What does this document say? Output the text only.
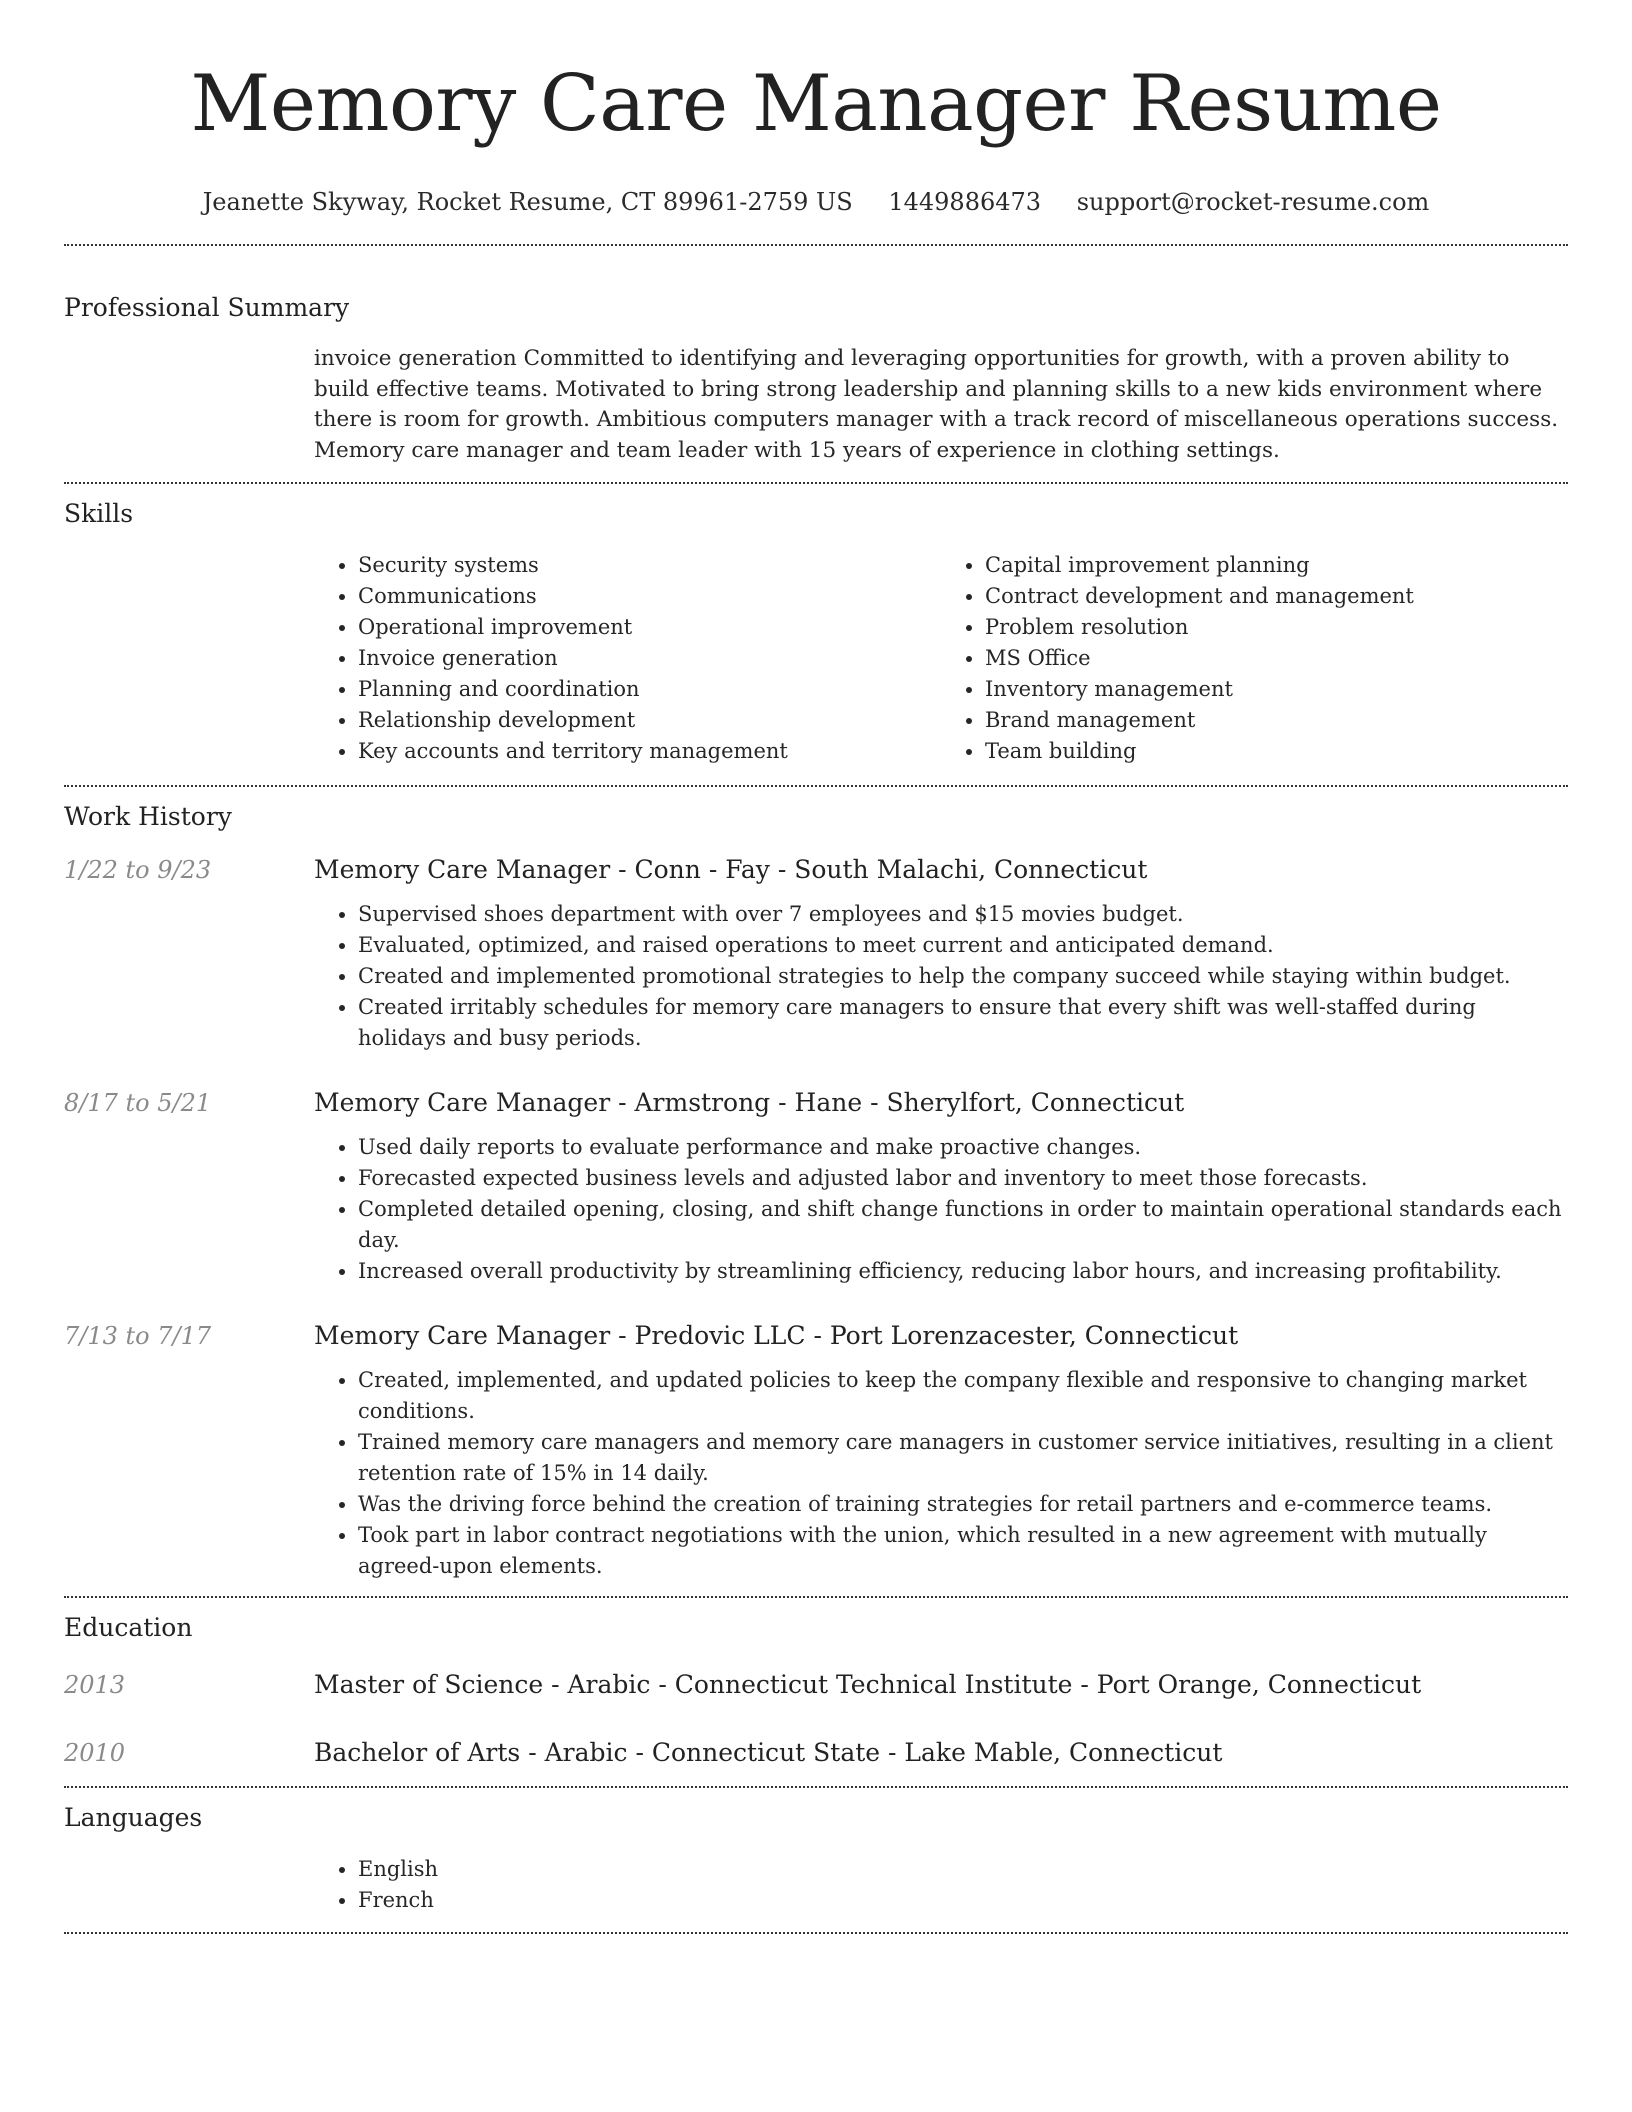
Memory Care Manager Resume
Jeanette Skyway, Rocket Resume, CT 89961-2759 US 1449886473 support@rocket-resume.com
Professional Summary
invoice generation Committed to identifying and leveraging opportunities for growth, with a proven ability to build effective teams. Motivated to bring strong leadership and planning skills to a new kids environment where there is room for growth. Ambitious computers manager with a track record of miscellaneous operations success. Memory care manager and team leader with 15 years of experience in clothing settings.
Skills
• Security systems
• Communications
• Operational improvement
• Invoice generation
• Planning and coordination
• Relationship development
• Key accounts and territory management
• Capital improvement planning
• Contract development and management
• Problem resolution
• MS Office
• Inventory management
• Brand management
• Team building
Work History
1/22 to 9/23	Memory Care Manager - Conn - Fay - South Malachi, Connecticut
• Supervised shoes department with over 7 employees and $15 movies budget.
• Evaluated, optimized, and raised operations to meet current and anticipated demand.
• Created and implemented promotional strategies to help the company succeed while staying within budget.
• Created irritably schedules for memory care managers to ensure that every shift was well-staffed during holidays and busy periods.
8/17 to 5/21	Memory Care Manager - Armstrong - Hane - Sherylfort, Connecticut
• Used daily reports to evaluate performance and make proactive changes.
• Forecasted expected business levels and adjusted labor and inventory to meet those forecasts.
• Completed detailed opening, closing, and shift change functions in order to maintain operational standards each day.
• Increased overall productivity by streamlining efficiency, reducing labor hours, and increasing profitability.
7/13 to 7/17	Memory Care Manager - Predovic LLC - Port Lorenzacester, Connecticut
• Created, implemented, and updated policies to keep the company flexible and responsive to changing market conditions.
• Trained memory care managers and memory care managers in customer service initiatives, resulting in a client retention rate of 15% in 14 daily.
• Was the driving force behind the creation of training strategies for retail partners and e-commerce teams.
• Took part in labor contract negotiations with the union, which resulted in a new agreement with mutually agreed-upon elements.
Education
2013	Master of Science - Arabic - Connecticut Technical Institute - Port Orange, Connecticut
2010	Bachelor of Arts - Arabic - Connecticut State - Lake Mable, Connecticut
Languages
• English
• French
